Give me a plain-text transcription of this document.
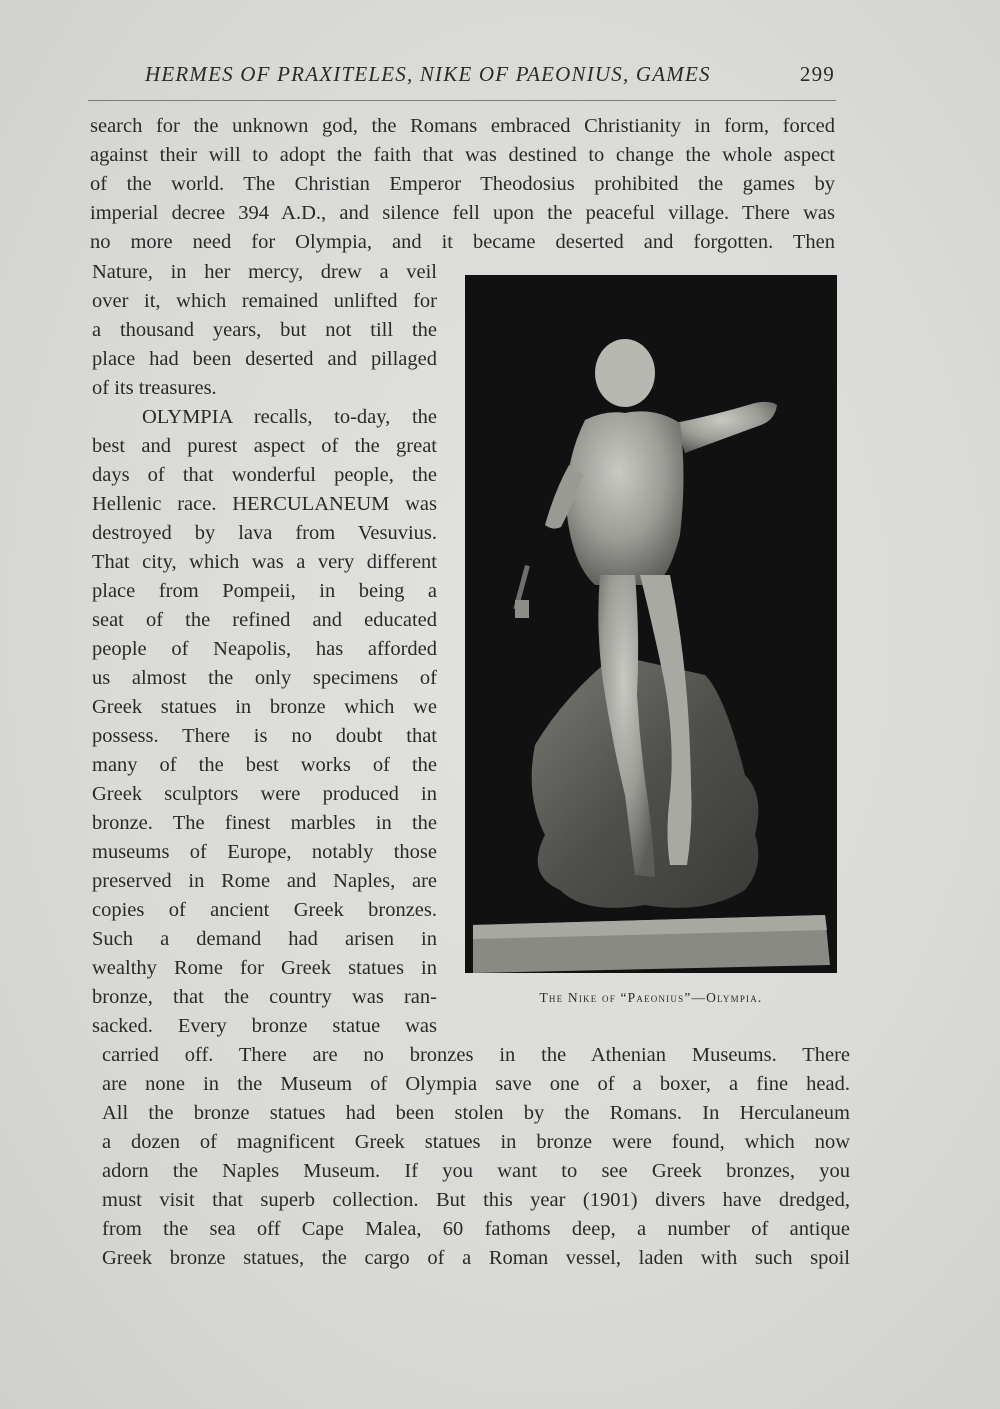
HERMES OF PRAXITELES, NIKE OF PAEONIUS, GAMES	299
search for the unknown god, the Romans embraced Christianity in form, forced
against their will to adopt the faith that was destined to change the whole aspect
of the world. The Christian Emperor Theodosius prohibited the games by
imperial decree 394 A.D., and silence fell upon the peaceful village. There was
no more need for Olympia, and it became deserted and forgotten. Then
Nature, in her mercy, drew a veil
over it, which remained unlifted for
a thousand years, but not till the
place had been deserted and pillaged
of its treasures.
OLYMPIA recalls, to-day, the
best and purest aspect of the great
days of that wonderful people, the
Hellenic race. HERCULANEUM was
destroyed by lava from Vesuvius.
That city, which was a very different
place from Pompeii, in being a
seat of the refined and educated
people of Neapolis, has afforded
us almost the only specimens of
Greek statues in bronze which we
possess. There is no doubt that
many of the best works of the
Greek sculptors were produced in
bronze. The finest marbles in the
museums of Europe, notably those
preserved in Rome and Naples, are
copies of ancient Greek bronzes.
Such a demand had arisen in
wealthy Rome for Greek statues in
bronze, that the country was ran-
sacked. Every bronze statue was
The Nike of “Paeonius”—Olympia.
carried off. There are no bronzes in the Athenian Museums. There
are none in the Museum of Olympia save one of a boxer, a fine head.
All the bronze statues had been stolen by the Romans. In Herculaneum
a dozen of magnificent Greek statues in bronze were found, which now
adorn the Naples Museum. If you want to see Greek bronzes, you
must visit that superb collection. But this year (1901) divers have dredged,
from the sea off Cape Malea, 60 fathoms deep, a number of antique
Greek bronze statues, the cargo of a Roman vessel, laden with such spoil
